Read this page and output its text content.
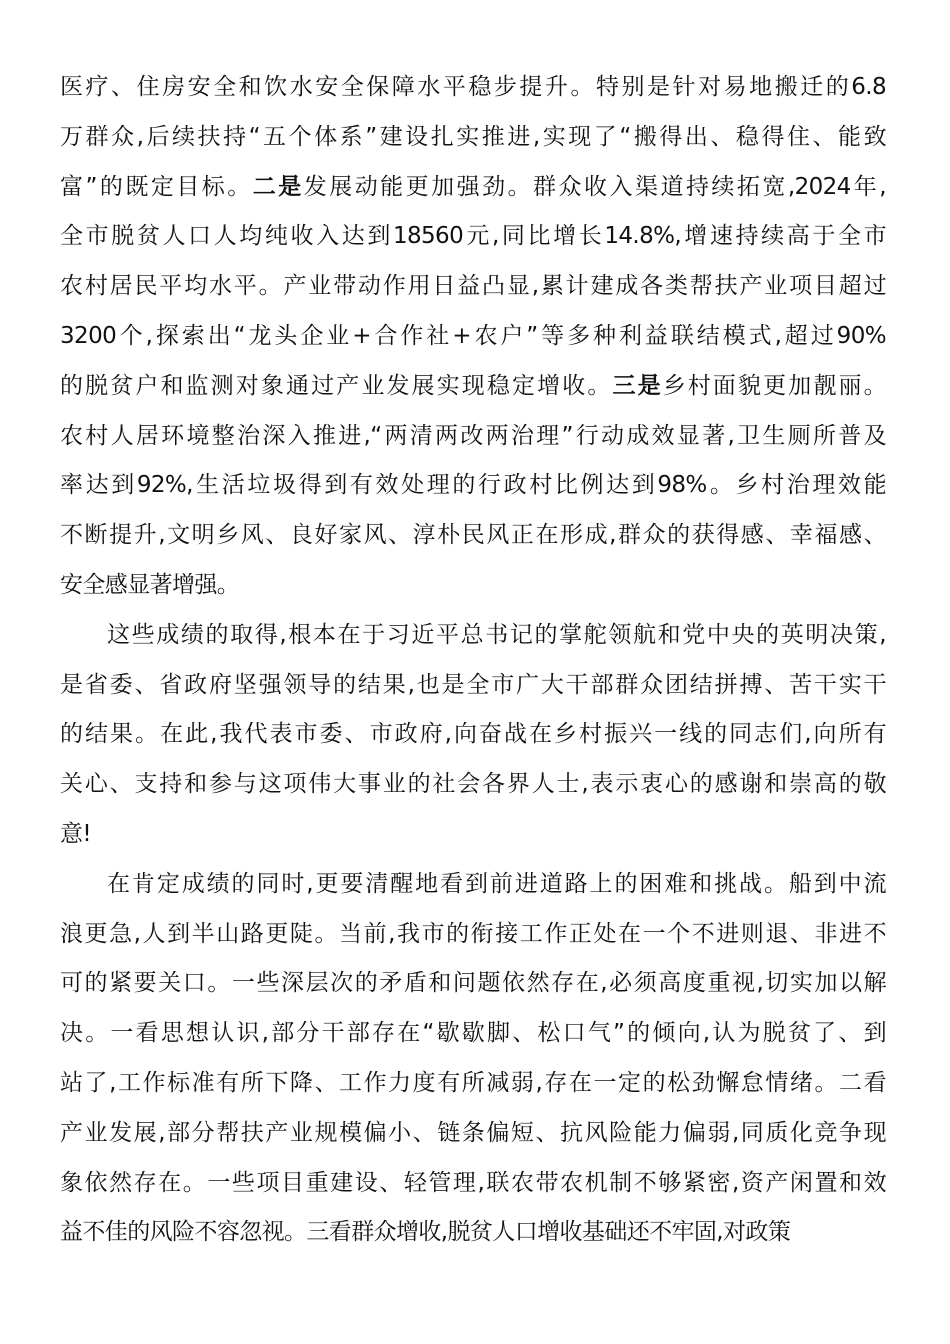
医疗、住房安全和饮水安全保障水平稳步提升。特别是针对易地搬迁的6.8
万群众,后续扶持“五个体系”建设扎实推进,实现了“搬得出、稳得住、能致
富”的既定目标。二是发展动能更加强劲。群众收入渠道持续拓宽,2024年,
全市脱贫人口人均纯收入达到18560元,同比增长14.8%,增速持续高于全市
农村居民平均水平。产业带动作用日益凸显,累计建成各类帮扶产业项目超过
3200个,探索出“龙头企业+合作社+农户”等多种利益联结模式,超过90%
的脱贫户和监测对象通过产业发展实现稳定增收。三是乡村面貌更加靓丽。
农村人居环境整治深入推进,“两清两改两治理”行动成效显著,卫生厕所普及
率达到92%,生活垃圾得到有效处理的行政村比例达到98%。乡村治理效能
不断提升,文明乡风、良好家风、淳朴民风正在形成,群众的获得感、幸福感、
安全感显著增强。
这些成绩的取得,根本在于习近平总书记的掌舵领航和党中央的英明决策,
是省委、省政府坚强领导的结果,也是全市广大干部群众团结拼搏、苦干实干
的结果。在此,我代表市委、市政府,向奋战在乡村振兴一线的同志们,向所有
关心、支持和参与这项伟大事业的社会各界人士,表示衷心的感谢和崇高的敬
意!
在肯定成绩的同时,更要清醒地看到前进道路上的困难和挑战。船到中流
浪更急,人到半山路更陡。当前,我市的衔接工作正处在一个不进则退、非进不
可的紧要关口。一些深层次的矛盾和问题依然存在,必须高度重视,切实加以解
决。一看思想认识,部分干部存在“歇歇脚、松口气”的倾向,认为脱贫了、到
站了,工作标准有所下降、工作力度有所减弱,存在一定的松劲懈怠情绪。二看
产业发展,部分帮扶产业规模偏小、链条偏短、抗风险能力偏弱,同质化竞争现
象依然存在。一些项目重建设、轻管理,联农带农机制不够紧密,资产闲置和效
益不佳的风险不容忽视。三看群众增收,脱贫人口增收基础还不牢固,对政策
